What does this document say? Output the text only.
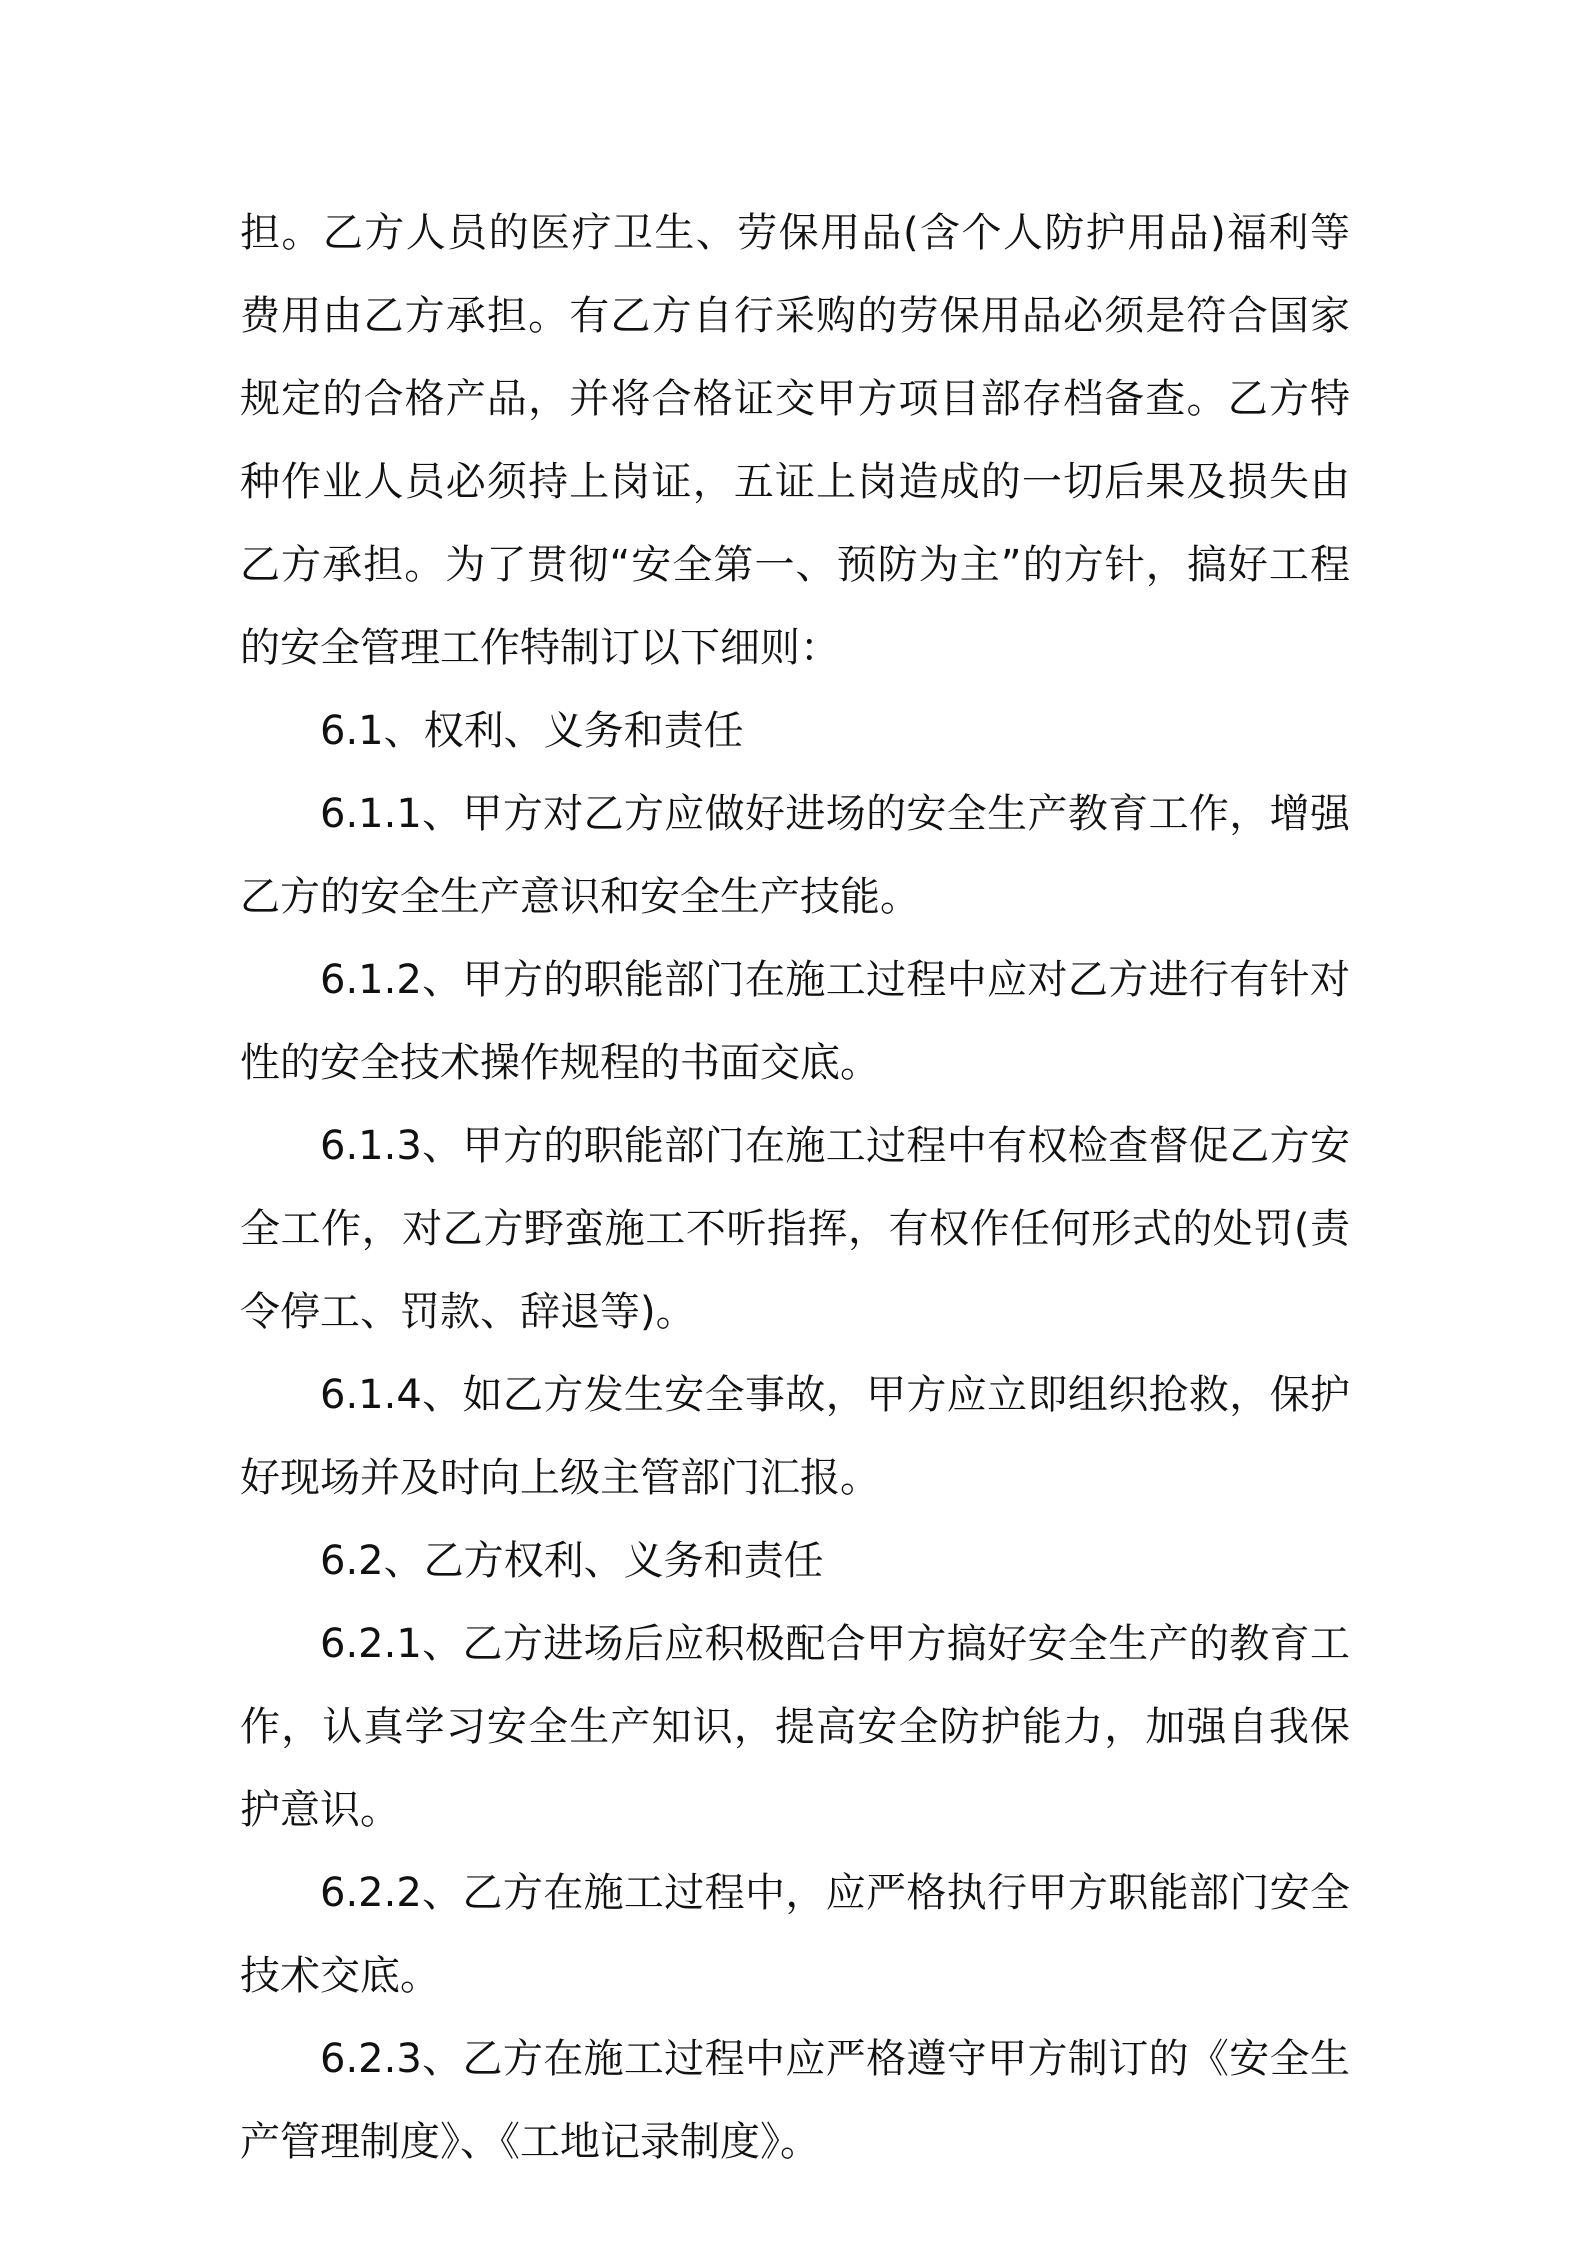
担。乙方人员的医疗卫生、劳保用品(含个人防护用品)福利等费用由乙方承担。有乙方自行采购的劳保用品必须是符合国家规定的合格产品，并将合格证交甲方项目部存档备查。乙方特种作业人员必须持上岗证，五证上岗造成的一切后果及损失由乙方承担。为了贯彻“安全第一、预防为主”的方针，搞好工程的安全管理工作特制订以下细则：

6.1、权利、义务和责任

6.1.1、甲方对乙方应做好进场的安全生产教育工作，增强乙方的安全生产意识和安全生产技能。

6.1.2、甲方的职能部门在施工过程中应对乙方进行有针对性的安全技术操作规程的书面交底。

6.1.3、甲方的职能部门在施工过程中有权检查督促乙方安全工作，对乙方野蛮施工不听指挥，有权作任何形式的处罚(责令停工、罚款、辞退等)。

6.1.4、如乙方发生安全事故，甲方应立即组织抢救，保护好现场并及时向上级主管部门汇报。

6.2、乙方权利、义务和责任

6.2.1、乙方进场后应积极配合甲方搞好安全生产的教育工作，认真学习安全生产知识，提高安全防护能力，加强自我保护意识。

6.2.2、乙方在施工过程中，应严格执行甲方职能部门安全技术交底。

6.2.3、乙方在施工过程中应严格遵守甲方制订的《安全生产管理制度》、《工地记录制度》。
